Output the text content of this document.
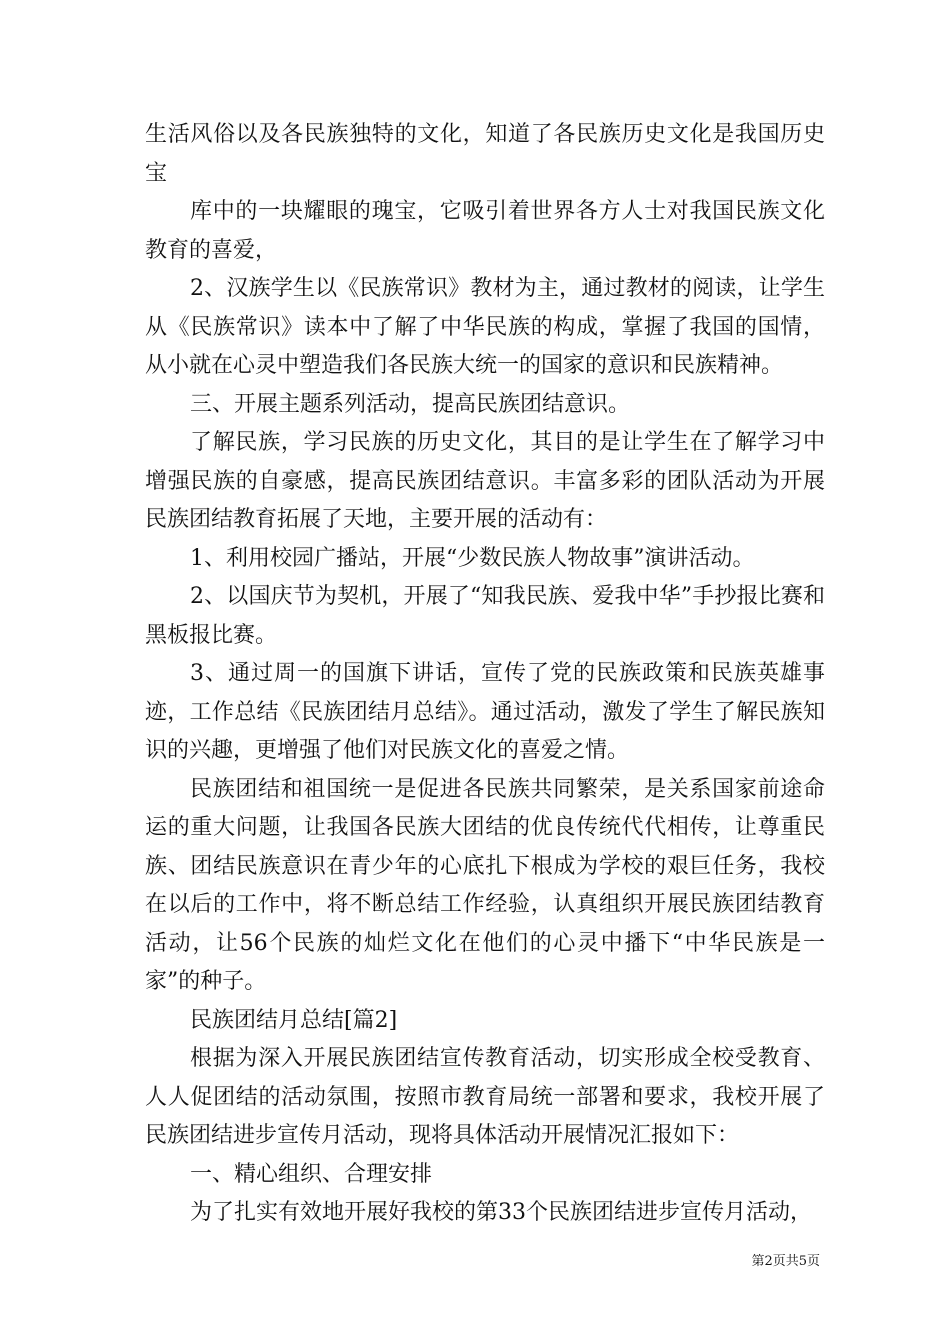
生活风俗以及各民族独特的文化，知道了各民族历史文化是我国历史宝

库中的一块耀眼的瑰宝，它吸引着世界各方人士对我国民族文化教育的喜爱，

2、汉族学生以《民族常识》教材为主，通过教材的阅读，让学生从《民族常识》读本中了解了中华民族的构成，掌握了我国的国情，从小就在心灵中塑造我们各民族大统一的国家的意识和民族精神。

三、开展主题系列活动，提高民族团结意识。

了解民族，学习民族的历史文化，其目的是让学生在了解学习中增强民族的自豪感，提高民族团结意识。丰富多彩的团队活动为开展民族团结教育拓展了天地，主要开展的活动有：

1、利用校园广播站，开展“少数民族人物故事”演讲活动。

2、以国庆节为契机，开展了“知我民族、爱我中华”手抄报比赛和黑板报比赛。

3、通过周一的国旗下讲话，宣传了党的民族政策和民族英雄事迹，工作总结《民族团结月总结》。通过活动，激发了学生了解民族知识的兴趣，更增强了他们对民族文化的喜爱之情。

民族团结和祖国统一是促进各民族共同繁荣，是关系国家前途命运的重大问题，让我国各民族大团结的优良传统代代相传，让尊重民族、团结民族意识在青少年的心底扎下根成为学校的艰巨任务，我校在以后的工作中，将不断总结工作经验，认真组织开展民族团结教育活动，让56个民族的灿烂文化在他们的心灵中播下“中华民族是一家”的种子。

民族团结月总结[篇2]

根据为深入开展民族团结宣传教育活动，切实形成全校受教育、人人促团结的活动氛围，按照市教育局统一部署和要求，我校开展了民族团结进步宣传月活动，现将具体活动开展情况汇报如下：

一、精心组织、合理安排

为了扎实有效地开展好我校的第33个民族团结进步宣传月活动，

第2页共5页
